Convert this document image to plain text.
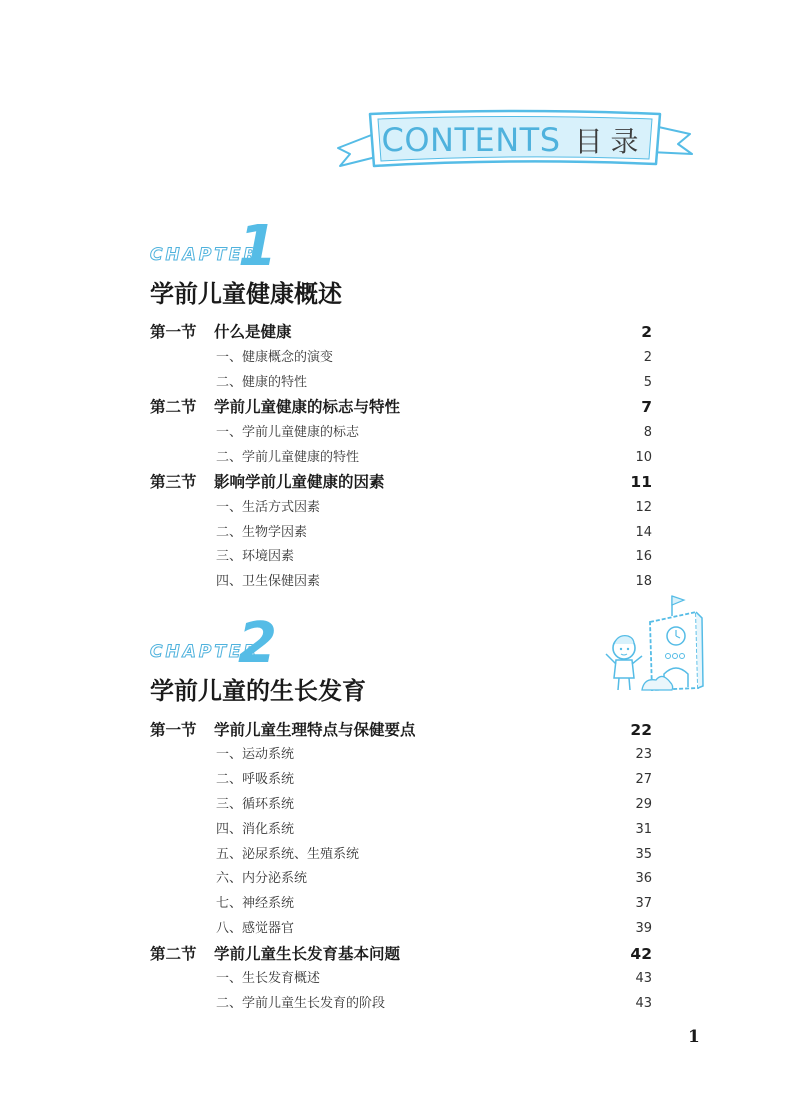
CONTENTS 目录
CHAPTER
1
学前儿童健康概述
第一节	什么是健康	2
一、健康概念的演变	2
二、健康的特性	5
第二节	学前儿童健康的标志与特性	7
一、学前儿童健康的标志	8
二、学前儿童健康的特性	10
第三节	影响学前儿童健康的因素	11
一、生活方式因素	12
二、生物学因素	14
三、环境因素	16
四、卫生保健因素	18
CHAPTER
2
学前儿童的生长发育
第一节	学前儿童生理特点与保健要点	22
一、运动系统	23
二、呼吸系统	27
三、循环系统	29
四、消化系统	31
五、泌尿系统、生殖系统	35
六、内分泌系统	36
七、神经系统	37
八、感觉器官	39
第二节	学前儿童生长发育基本问题	42
一、生长发育概述	43
二、学前儿童生长发育的阶段	43
1
